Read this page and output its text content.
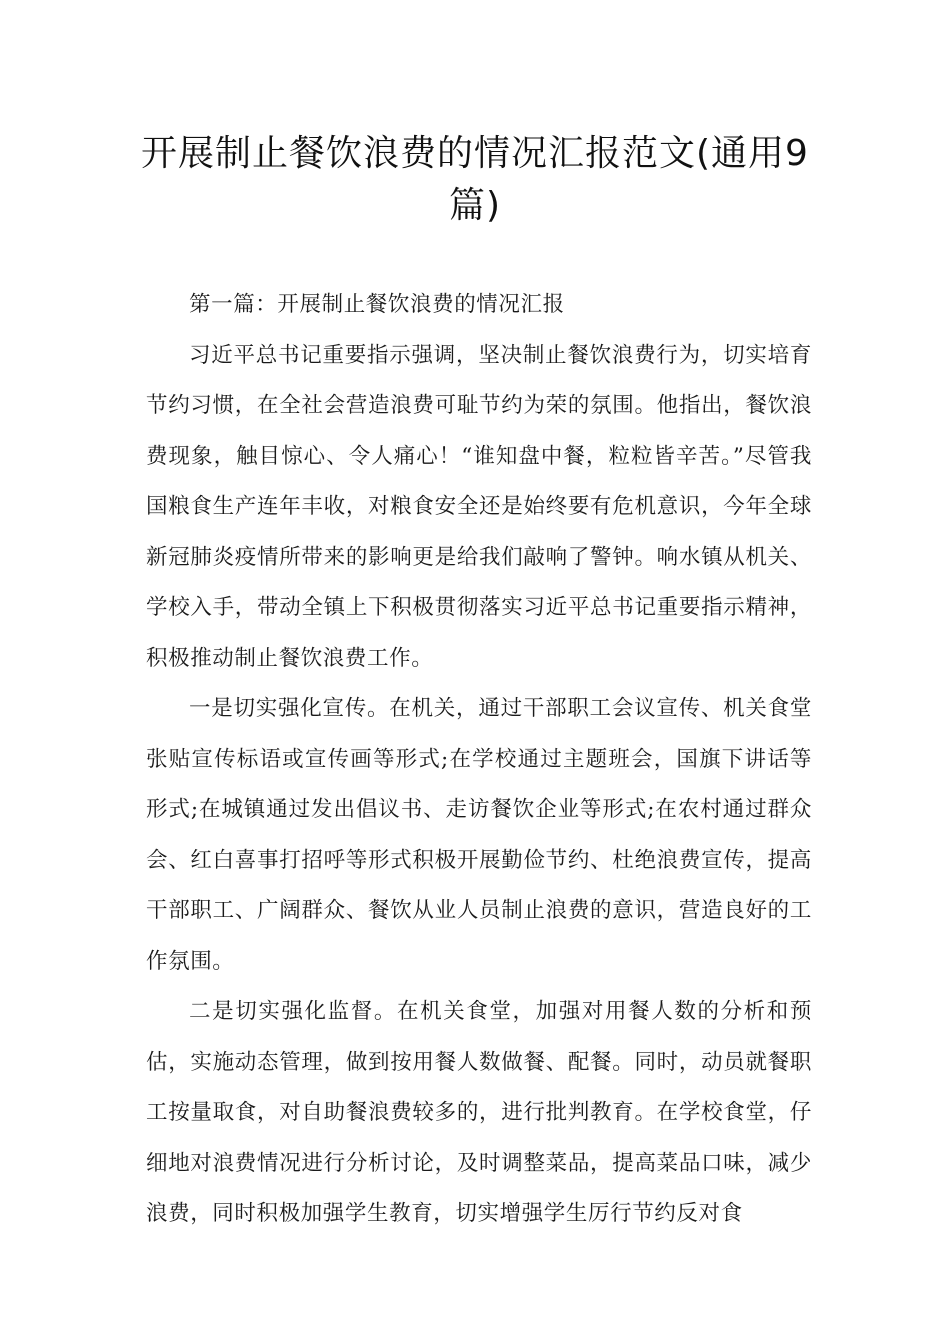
开展制止餐饮浪费的情况汇报范文(通用9篇)

第一篇：开展制止餐饮浪费的情况汇报

习近平总书记重要指示强调，坚决制止餐饮浪费行为，切实培育节约习惯，在全社会营造浪费可耻节约为荣的氛围。他指出，餐饮浪费现象，触目惊心、令人痛心！“谁知盘中餐，粒粒皆辛苦。”尽管我国粮食生产连年丰收，对粮食安全还是始终要有危机意识，今年全球新冠肺炎疫情所带来的影响更是给我们敲响了警钟。响水镇从机关、学校入手，带动全镇上下积极贯彻落实习近平总书记重要指示精神，积极推动制止餐饮浪费工作。

一是切实强化宣传。在机关，通过干部职工会议宣传、机关食堂张贴宣传标语或宣传画等形式;在学校通过主题班会，国旗下讲话等形式;在城镇通过发出倡议书、走访餐饮企业等形式;在农村通过群众会、红白喜事打招呼等形式积极开展勤俭节约、杜绝浪费宣传，提高干部职工、广阔群众、餐饮从业人员制止浪费的意识，营造良好的工作氛围。

二是切实强化监督。在机关食堂，加强对用餐人数的分析和预估，实施动态管理，做到按用餐人数做餐、配餐。同时，动员就餐职工按量取食，对自助餐浪费较多的，进行批判教育。在学校食堂，仔细地对浪费情况进行分析讨论，及时调整菜品，提高菜品口味，减少浪费，同时积极加强学生教育，切实增强学生厉行节约反对食
